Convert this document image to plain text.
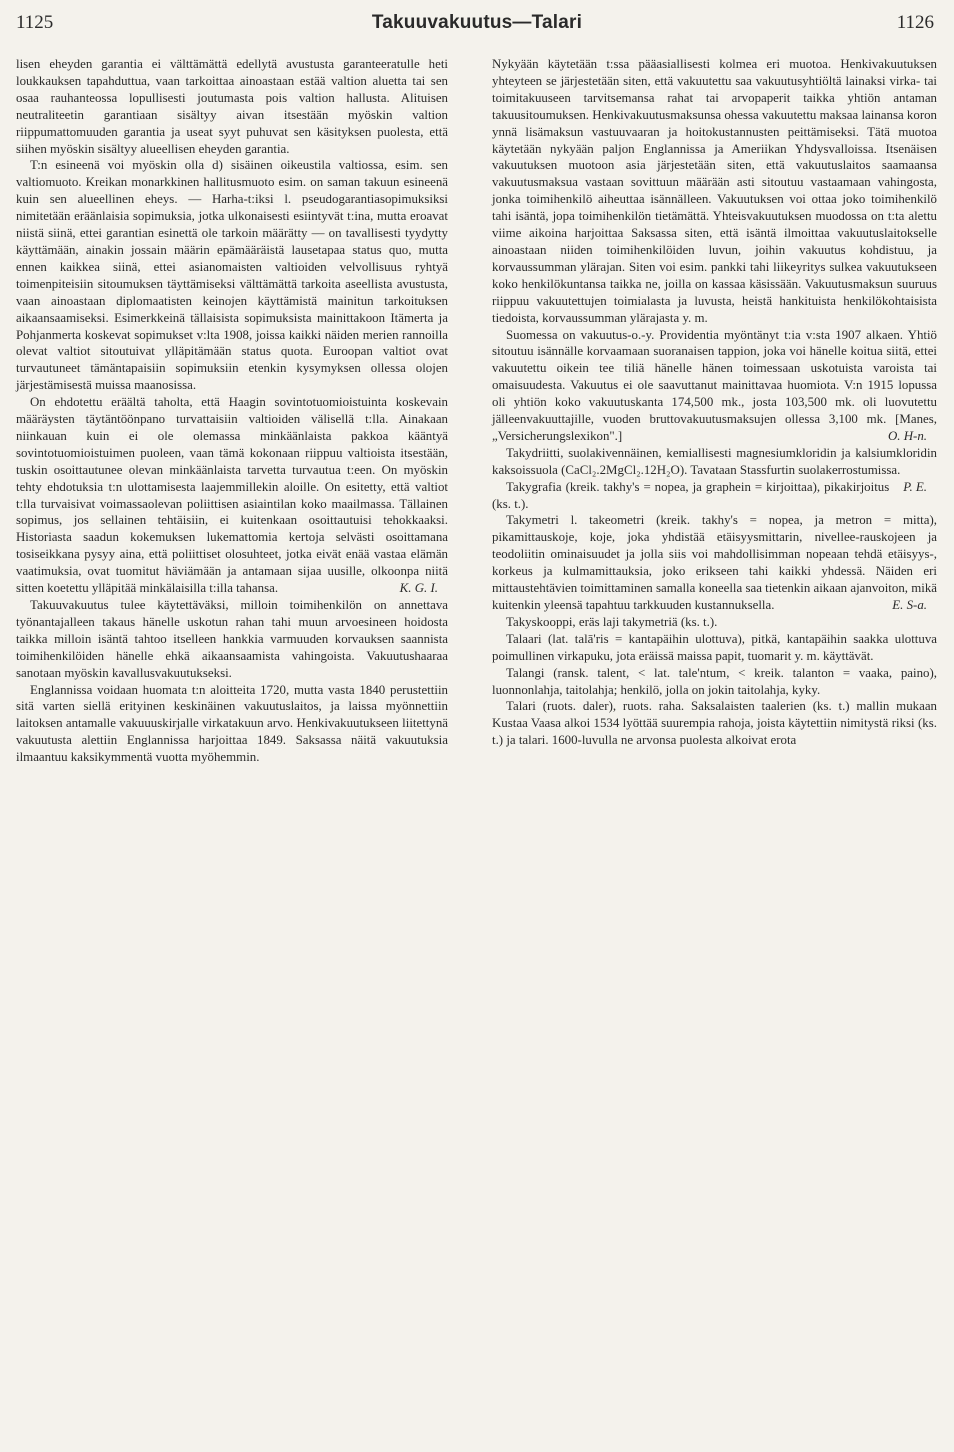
1125	Takuuvakuutus—Talari	1126

lisen eheyden garantia ei välttämättä edellytä avustusta garanteeratulle heti loukkauksen tapahduttua, vaan tarkoittaa ainoastaan estää valtion aluetta tai sen osaa rauhanteossa lopullisesti joutumasta pois valtion hallusta. Alituisen neutraliteetin garantiaan sisältyy aivan itsestään myöskin valtion riippumattomuuden garantia ja useat syyt puhuvat sen käsityksen puolesta, että siihen myöskin sisältyy alueellisen eheyden garantia.

T:n esineenä voi myöskin olla d) sisäinen oikeustila valtiossa, esim. sen valtiomuoto. Kreikan monarkkinen hallitusmuoto esim. on saman takuun esineenä kuin sen alueellinen eheys. — Harha-t:iksi l. pseudogarantiasopimuksiksi nimitetään eräänlaisia sopimuksia, jotka ulkonaisesti esiintyvät t:ina, mutta eroavat niistä siinä, ettei garantian esinettä ole tarkoin määrätty — on tavallisesti tyydytty käyttämään, ainakin jossain määrin epämääräistä lausetapaa status quo, mutta ennen kaikkea siinä, ettei asianomaisten valtioiden velvollisuus ryhtyä toimenpiteisiin sitoumuksen täyttämiseksi välttämättä tarkoita aseellista avustusta, vaan ainoastaan diplomaatisten keinojen käyttämistä mainitun tarkoituksen aikaansaamiseksi. Esimerkkeinä tällaisista sopimuksista mainittakoon Itämerta ja Pohjanmerta koskevat sopimukset v:lta 1908, joissa kaikki näiden merien rannoilla olevat valtiot sitoutuivat ylläpitämään status quota. Euroopan valtiot ovat turvautuneet tämäntapaisiin sopimuksiin etenkin kysymyksen ollessa olojen järjestämisestä muissa maanosissa.

On ehdotettu eräältä taholta, että Haagin sovintotuomioistuinta koskevain määräysten täytäntöönpano turvattaisiin valtioiden välisellä t:lla. Ainakaan niinkauan kuin ei ole olemassa minkäänlaista pakkoa kääntyä sovintotuomioistuimen puoleen, vaan tämä kokonaan riippuu valtioista itsestään, tuskin osoittautunee olevan minkäänlaista tarvetta turvautua t:een. On myöskin tehty ehdotuksia t:n ulottamisesta laajemmillekin aloille. On esitetty, että valtiot t:lla turvaisivat voimassaolevan poliittisen asiaintilan koko maailmassa. Tällainen sopimus, jos sellainen tehtäisiin, ei kuitenkaan osoittautuisi tehokkaaksi. Historiasta saadun kokemuksen lukemattomia kertoja selvästi osoittamana tosiseikkana pysyy aina, että poliittiset olosuhteet, jotka eivät enää vastaa elämän vaatimuksia, ovat tuomitut häviämään ja antamaan sijaa uusille, olkoonpa niitä sitten koetettu ylläpitää minkälaisilla t:illa tahansa.	K. G. I.

Takuuvakuutus tulee käytettäväksi, milloin toimihenkilön on annettava työnantajalleen takaus hänelle uskotun rahan tahi muun arvoesineen hoidosta taikka milloin isäntä tahtoo itselleen hankkia varmuuden korvauksen saannista toimihenkilöiden hänelle ehkä aikaansaamista vahingoista. Vakuutushaaraa sanotaan myöskin kavallusvakuutukseksi.

Englannissa voidaan huomata t:n aloitteita 1720, mutta vasta 1840 perustettiin sitä varten siellä erityinen keskinäinen vakuutuslaitos, ja laissa myönnettiin laitoksen antamalle vakuuuskirjalle virkatakuun arvo. Henkivakuutukseen liitettynä vakuutusta alettiin Englannissa harjoittaa 1849. Saksassa näitä vakuutuksia ilmaantuu kaksikymmentä vuotta myöhemmin.

Nykyään käytetään t:ssa pääasiallisesti kolmea eri muotoa. Henkivakuutuksen yhteyteen se järjestetään siten, että vakuutettu saa vakuutusyhtiöltä lainaksi virka- tai toimitakuuseen tarvitsemansa rahat tai arvopaperit taikka yhtiön antaman takuusitoumuksen. Henkivakuutusmaksunsa ohessa vakuutettu maksaa lainansa koron ynnä lisämaksun vastuuvaaran ja hoitokustannusten peittämiseksi. Tätä muotoa käytetään nykyään paljon Englannissa ja Ameriikan Yhdysvalloissa. Itsenäisen vakuutuksen muotoon asia järjestetään siten, että vakuutuslaitos saamaansa vakuutusmaksua vastaan sovittuun määrään asti sitoutuu vastaamaan vahingosta, jonka toimihenkilö aiheuttaa isännälleen. Vakuutuksen voi ottaa joko toimihenkilö tahi isäntä, jopa toimihenkilön tietämättä. Yhteisvakuutuksen muodossa on t:ta alettu viime aikoina harjoittaa Saksassa siten, että isäntä ilmoittaa vakuutuslaitokselle ainoastaan niiden toimihenkilöiden luvun, joihin vakuutus kohdistuu, ja korvaussumman ylärajan. Siten voi esim. pankki tahi liikeyritys sulkea vakuutukseen koko henkilökuntansa taikka ne, joilla on kassaa käsissään. Vakuutusmaksun suuruus riippuu vakuutettujen toimialasta ja luvusta, heistä hankituista henkilökohtaisista tiedoista, korvaussumman ylärajasta y. m.

Suomessa on vakuutus-o.-y. Providentia myöntänyt t:ia v:sta 1907 alkaen. Yhtiö sitoutuu isännälle korvaamaan suoranaisen tappion, joka voi hänelle koitua siitä, ettei vakuutettu oikein tee tiliä hänelle hänen toimessaan uskotuista varoista tai omaisuudesta. Vakuutus ei ole saavuttanut mainittavaa huomiota. V:n 1915 lopussa oli yhtiön koko vakuutuskanta 174,500 mk., josta 103,500 mk. oli luovutettu jälleenvakuuttajille, vuoden bruttovakuutusmaksujen ollessa 3,100 mk. [Manes, „Versicherungslexikon".]	O. H-n.

Takydriitti, suolakivennäinen, kemiallisesti magnesiumkloridin ja kalsiumkloridin kaksoissuola (CaCl₂.2MgCl₂.12H₂O). Tavataan Stassfurtin suolakerrostumissa.
P. E.

Takygrafia (kreik. takhy's = nopea, ja graphein = kirjoittaa), pikakirjoitus (ks. t.).

Takymetri l. takeometri (kreik. takhy's = nopea, ja metron = mitta), pikamittauskoje, koje, joka yhdistää etäisyysmittarin, nivellee-rauskojeen ja teodoliitin ominaisuudet ja jolla siis voi mahdollisimman nopeaan tehdä etäisyys-, korkeus ja kulmamittauksia, joko erikseen tahi kaikki yhdessä. Näiden eri mittaustehtävien toimittaminen samalla koneella saa tietenkin aikaan ajanvoiton, mikä kuitenkin yleensä tapahtuu tarkkuuden kustannuksella.	E. S-a.

Takyskooppi, eräs laji takymetriä (ks. t.).

Talaari (lat. talā'ris = kantapäihin ulottuva), pitkä, kantapäihin saakka ulottuva poimullinen virkapuku, jota eräissä maissa papit, tuomarit y. m. käyttävät.

Talangi (ransk. talent, < lat. tale'ntum, < kreik. talanton = vaaka, paino), luonnonlahja, taitolahja; henkilö, jolla on jokin taitolahja, kyky.

Talari (ruots. daler), ruots. raha. Saksalaisten taalerien (ks. t.) mallin mukaan Kustaa Vaasa alkoi 1534 lyöttää suurempia rahoja, joista käytettiin nimitystä riksi (ks. t.) ja talari. 1600-luvulla ne arvonsa puolesta alkoivat erota
